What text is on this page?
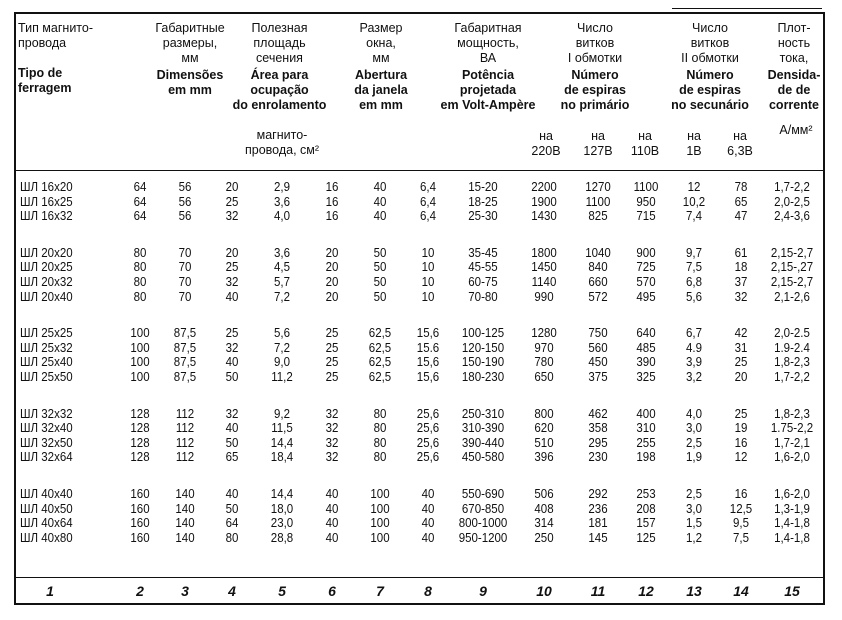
Тип магнито-
провода
Tipo de
ferragem
Габаритные
размеры,
мм
Dimensões
em mm
Полезная
площадь
сечения
Área para
ocupação
do enrolamento
магнито-
провода, см²
Размер
окна,
мм
Abertura
da janela
em mm
Габаритная
мощность,
ВА
Potência
projetada
em Volt-Ampère
Число
витков
I обмотки
Número
de espiras
no primário
Число
витков
II обмотки
Número
de espiras
no secunário
Плот-
ность
тока,
Densida-
de de
corrente
А/мм²
на
220В
на
127В
на
110В
на
1В
на
6,3В
ШЛ 16x20	64	56	20	2,9	16	40	6,4	15-20	2200	1270	1100	12	78	1,7-2,2
ШЛ 16x25	64	56	25	3,6	16	40	6,4	18-25	1900	1100	950	10,2	65	2,0-2,5
ШЛ 16x32	64	56	32	4,0	16	40	6,4	25-30	1430	825	715	7,4	47	2,4-3,6
ШЛ 20x20	80	70	20	3,6	20	50	10	35-45	1800	1040	900	9,7	61	2,15-2,7
ШЛ 20x25	80	70	25	4,5	20	50	10	45-55	1450	840	725	7,5	18	2,15-,27
ШЛ 20x32	80	70	32	5,7	20	50	10	60-75	1140	660	570	6,8	37	2,15-2,7
ШЛ 20x40	80	70	40	7,2	20	50	10	70-80	990	572	495	5,6	32	2,1-2,6
ШЛ 25x25	100	87,5	25	5,6	25	62,5	15,6	100-125	1280	750	640	6,7	42	2,0-2.5
ШЛ 25x32	100	87,5	32	7,2	25	62,5	15.6	120-150	970	560	485	4.9	31	1.9-2.4
ШЛ 25x40	100	87,5	40	9,0	25	62,5	15,6	150-190	780	450	390	3,9	25	1,8-2,3
ШЛ 25x50	100	87,5	50	11,2	25	62,5	15,6	180-230	650	375	325	3,2	20	1,7-2,2
ШЛ 32x32	128	112	32	9,2	32	80	25,6	250-310	800	462	400	4,0	25	1,8-2,3
ШЛ 32x40	128	112	40	11,5	32	80	25,6	310-390	620	358	310	3,0	19	1.75-2,2
ШЛ 32x50	128	112	50	14,4	32	80	25,6	390-440	510	295	255	2,5	16	1,7-2,1
ШЛ 32x64	128	112	65	18,4	32	80	25,6	450-580	396	230	198	1,9	12	1,6-2,0
ШЛ 40x40	160	140	40	14,4	40	100	40	550-690	506	292	253	2,5	16	1,6-2,0
ШЛ 40x50	160	140	50	18,0	40	100	40	670-850	408	236	208	3,0	12,5	1,3-1,9
ШЛ 40x64	160	140	64	23,0	40	100	40	800-1000	314	181	157	1,5	9,5	1,4-1,8
ШЛ 40x80	160	140	80	28,8	40	100	40	950-1200	250	145	125	1,2	7,5	1,4-1,8
1	2	3	4	5	6	7	8	9	10	11	12	13	14	15
